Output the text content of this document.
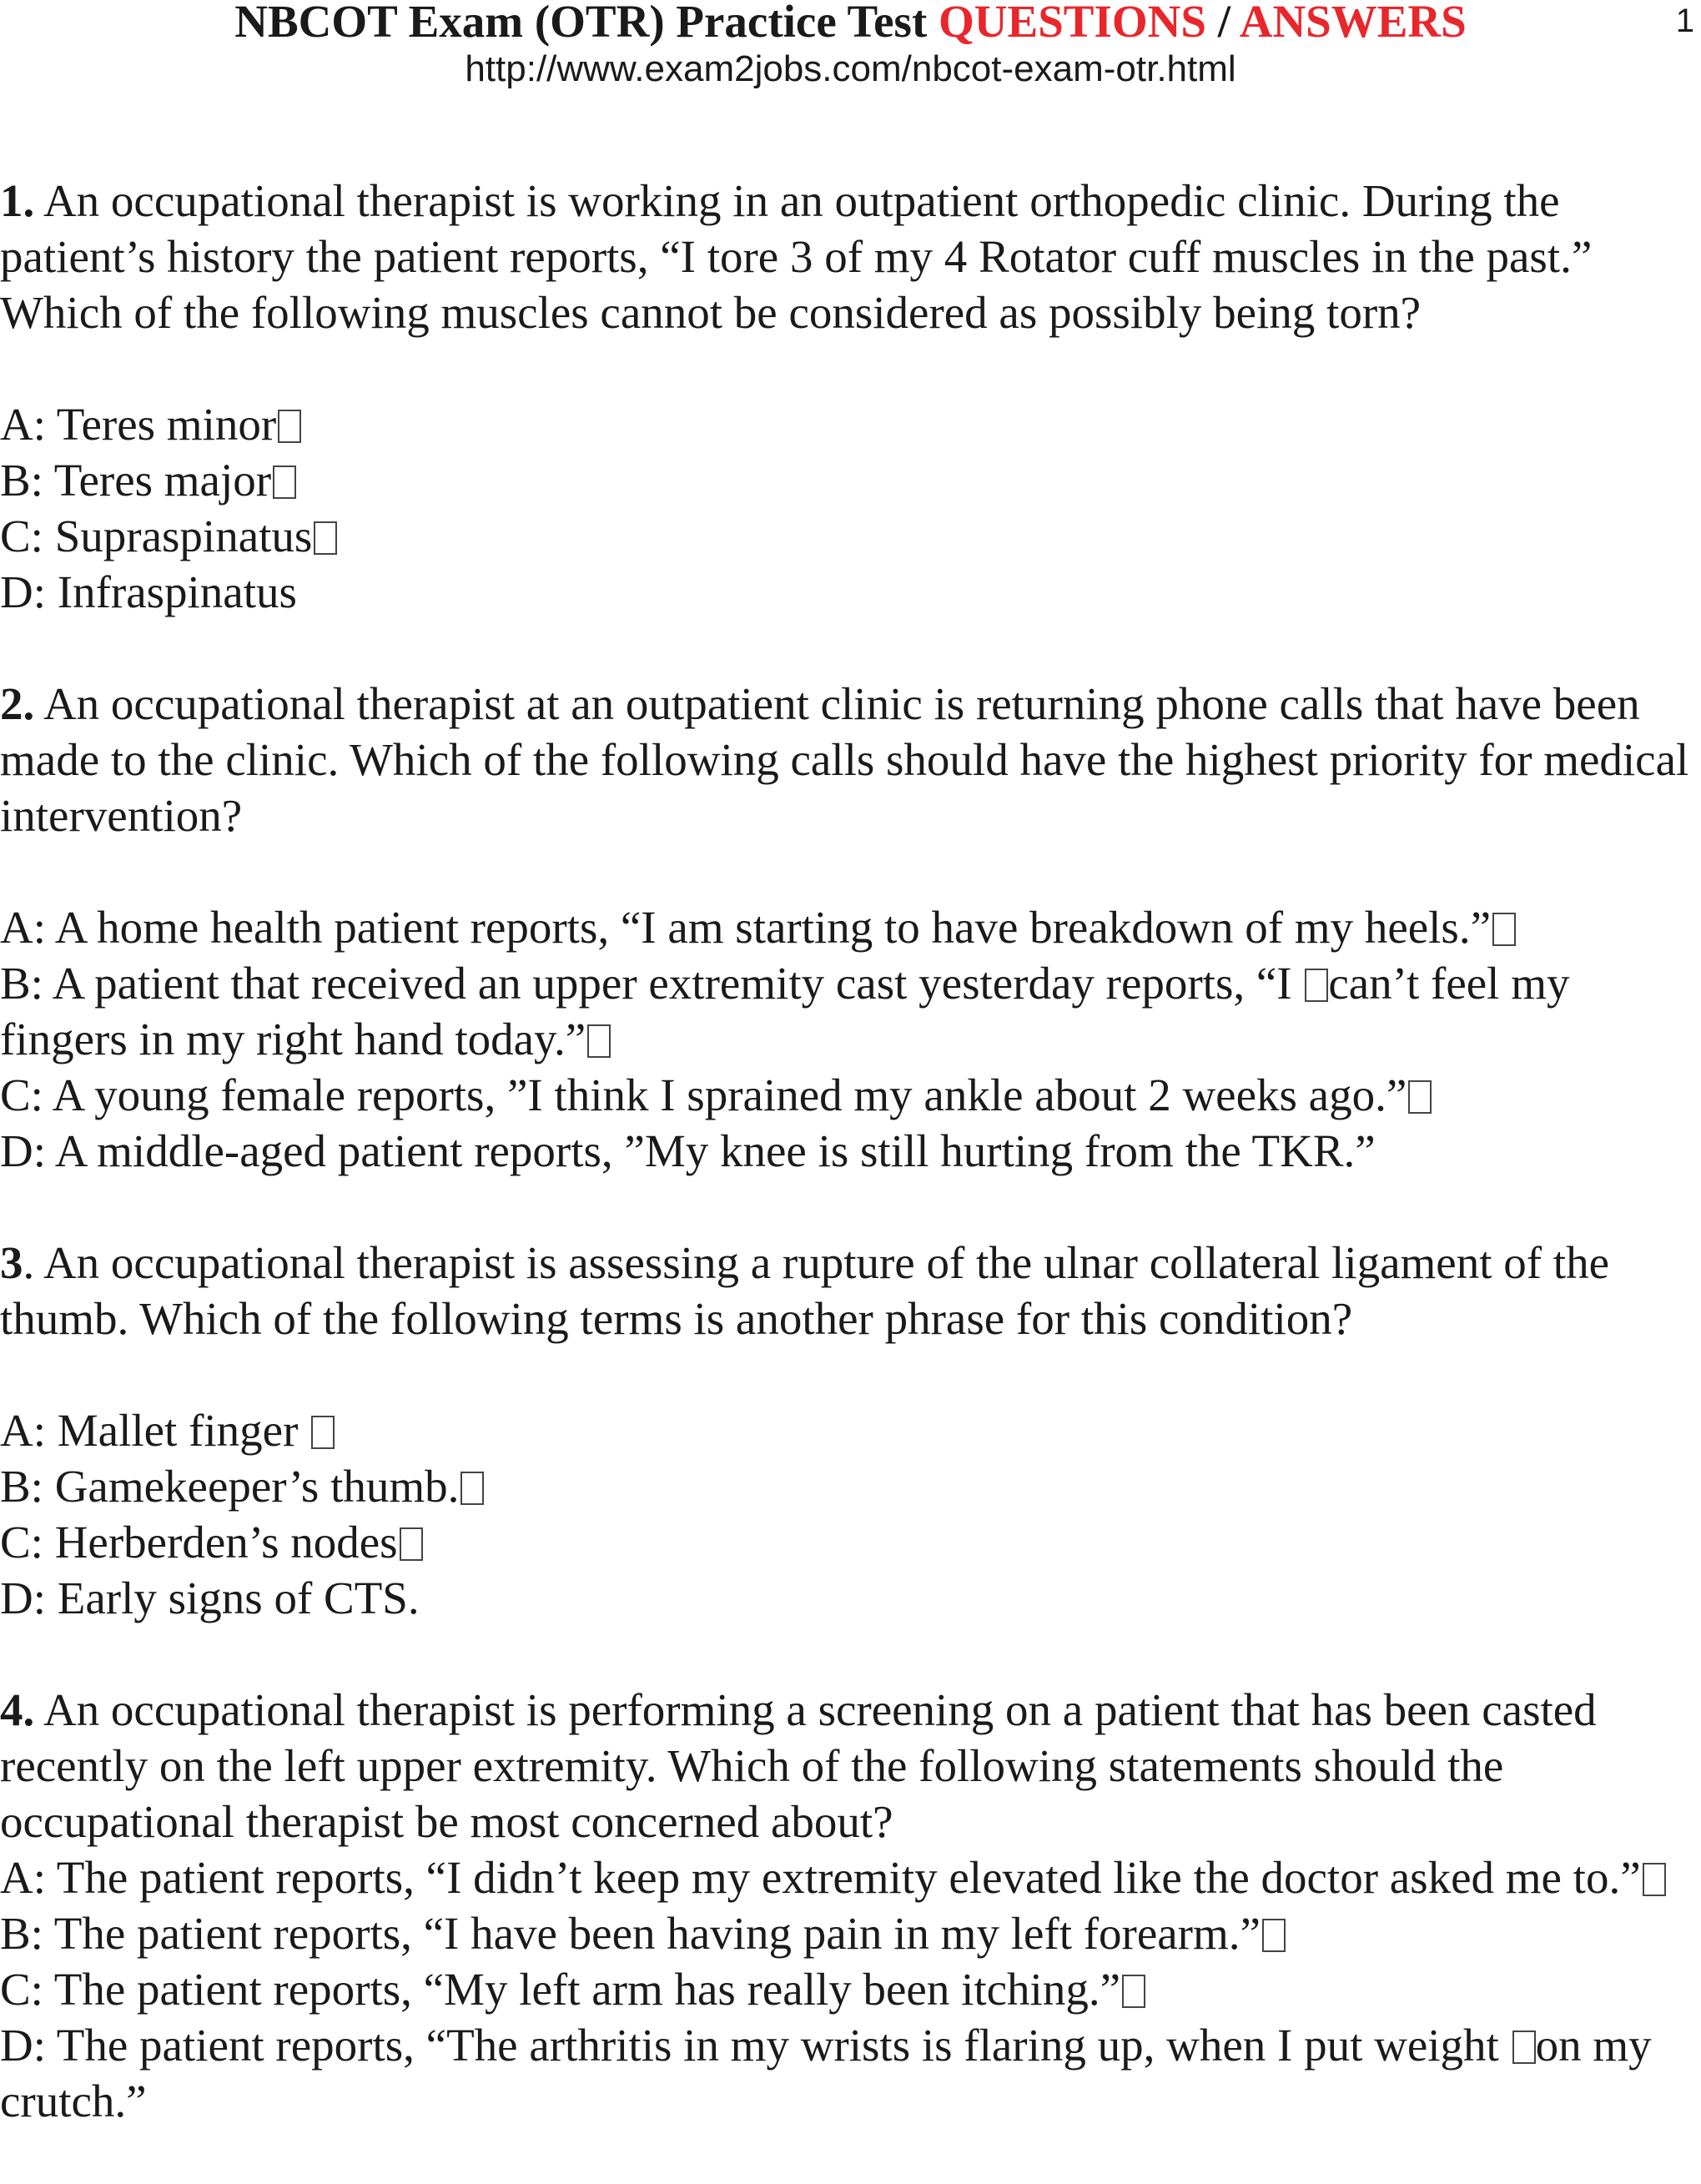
NBCOT Exam (OTR) Practice Test QUESTIONS / ANSWERS
http://www.exam2jobs.com/nbcot-exam-otr.html
1

1. An occupational therapist is working in an outpatient orthopedic clinic. During the patient’s history the patient reports, “I tore 3 of my 4 Rotator cuff muscles in the past.” Which of the following muscles cannot be considered as possibly being torn?

A: Teres minor

B: Teres major

C: Supraspinatus

D: Infraspinatus

2. An occupational therapist at an outpatient clinic is returning phone calls that have been made to the clinic. Which of the following calls should have the highest priority for medical intervention?

A: A home health patient reports, “I am starting to have breakdown of my heels.”

B: A patient that received an upper extremity cast yesterday reports, “I can’t feel my fingers in my right hand today.”

C: A young female reports, ”I think I sprained my ankle about 2 weeks ago.”

D: A middle-aged patient reports, ”My knee is still hurting from the TKR.”

3. An occupational therapist is assessing a rupture of the ulnar collateral ligament of the thumb. Which of the following terms is another phrase for this condition?

A: Mallet finger

B: Gamekeeper’s thumb.

C: Herberden’s nodes

D: Early signs of CTS.

4. An occupational therapist is performing a screening on a patient that has been casted recently on the left upper extremity. Which of the following statements should the occupational therapist be most concerned about?

A: The patient reports, “I didn’t keep my extremity elevated like the doctor asked me to.”

B: The patient reports, “I have been having pain in my left forearm.”

C: The patient reports, “My left arm has really been itching.”

D: The patient reports, “The arthritis in my wrists is flaring up, when I put weight on my crutch.”
